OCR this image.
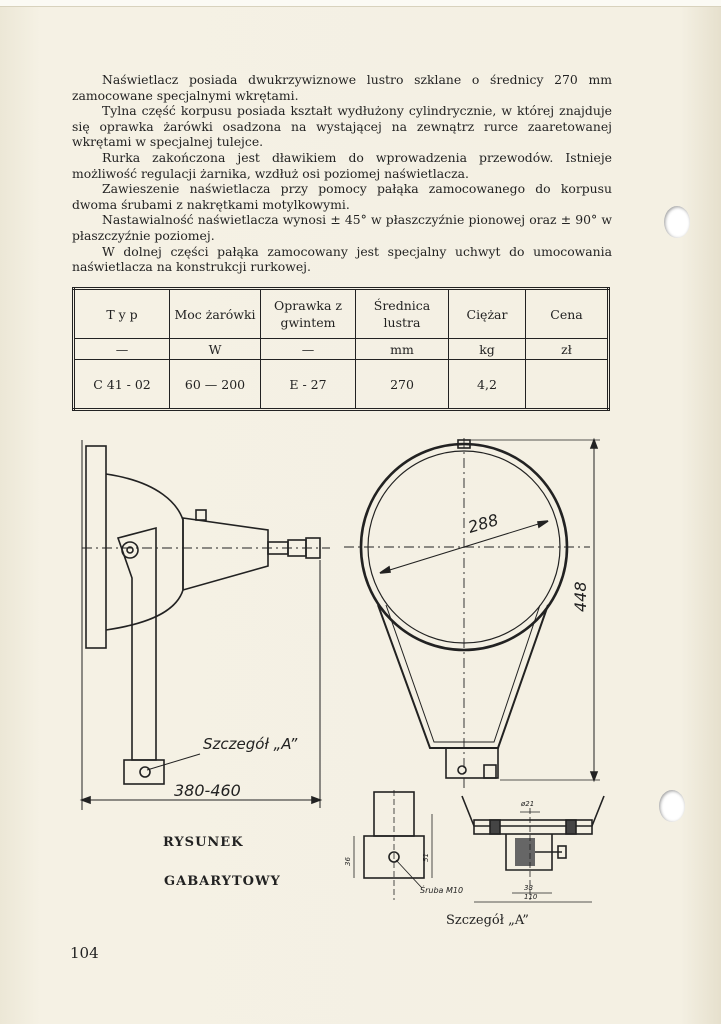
Naświetlacz posiada dwukrzywiznowe lustro szklane o średnicy 270 mm zamocowane specjalnymi wkrętami.

Tylna część korpusu posiada kształt wydłużony cylindrycznie, w której znajduje się oprawka żarówki osadzona na wystającej na zewnątrz rurce zaaretowanej wkrętami w specjalnej tulejce.

Rurka zakończona jest dławikiem do wprowadzenia przewodów. Istnieje możliwość regulacji żarnika, wzdłuż osi poziomej naświetlacza.

Zawieszenie naświetlacza przy pomocy pałąka zamocowanego do korpusu dwoma śrubami z nakrętkami motylkowymi.

Nastawialność naświetlacza wynosi ± 45° w płaszczyźnie pionowej oraz ± 90° w płaszczyźnie poziomej.

W dolnej części pałąka zamocowany jest specjalny uchwyt do umocowania naświetlacza na konstrukcji rurkowej.

T y p	Moc żarówki	Oprawka z gwintem	Średnica lustra	Ciężar	Cena
—	W	—	mm	kg	zł
C 41 - 02	60 — 200	E - 27	270	4,2	
Szczegół „A”
380-460
288
448
ø21
38
110
36	51
Śruba M10
RYSUNEK
GABARYTOWY
Szczegół „A”
104
